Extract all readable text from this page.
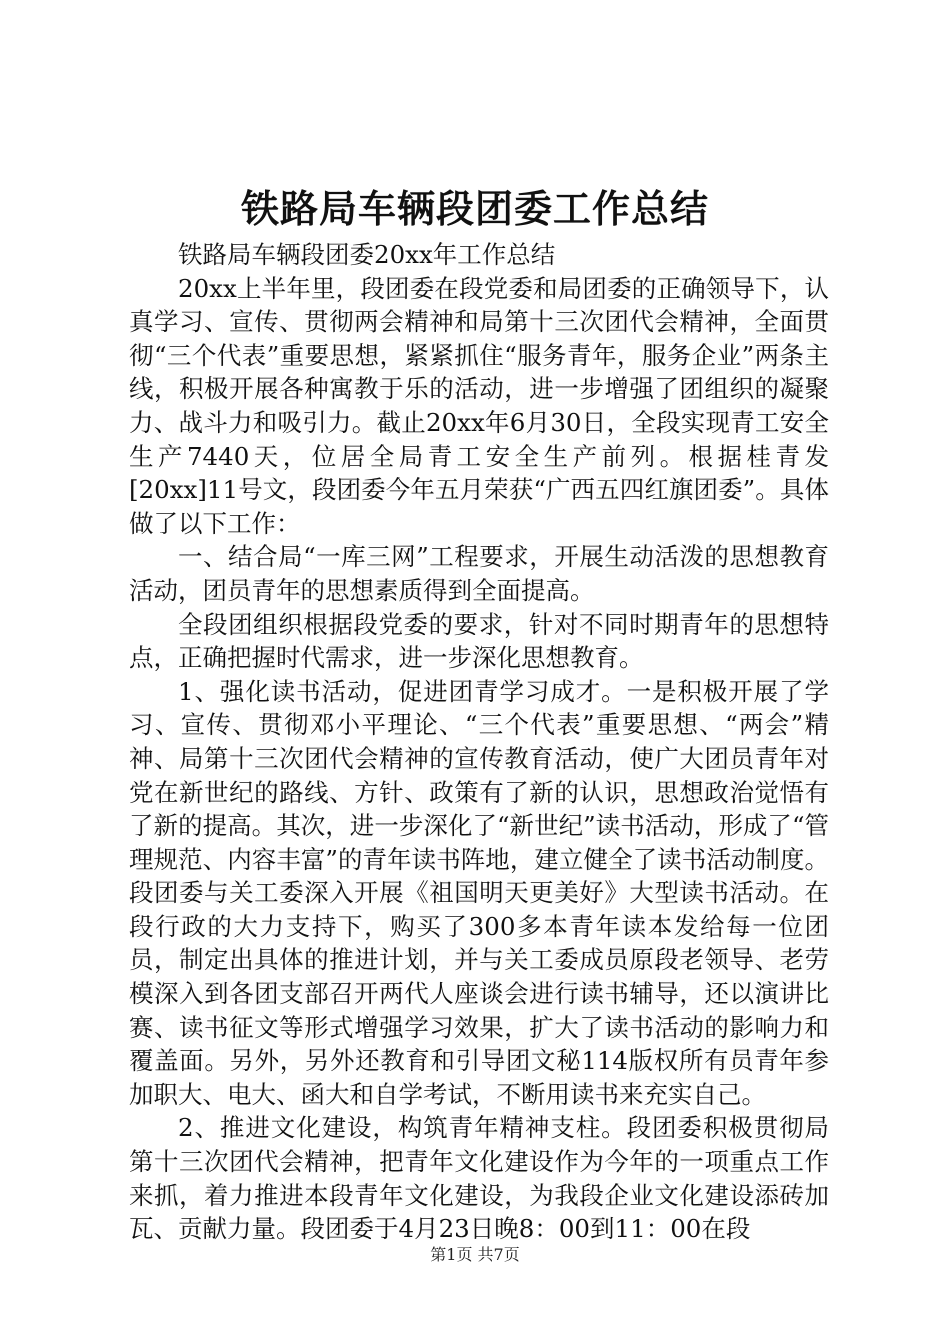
铁路局车辆段团委工作总结

铁路局车辆段团委20xx年工作总结

20xx上半年里，段团委在段党委和局团委的正确领导下，认真学习、宣传、贯彻两会精神和局第十三次团代会精神，全面贯彻“三个代表”重要思想，紧紧抓住“服务青年，服务企业”两条主线，积极开展各种寓教于乐的活动，进一步增强了团组织的凝聚力、战斗力和吸引力。截止20xx年6月30日，全段实现青工安全生产7440天，位居全局青工安全生产前列。根据桂青发[20xx]11号文，段团委今年五月荣获“广西五四红旗团委”。具体做了以下工作：

一、结合局“一库三网”工程要求，开展生动活泼的思想教育活动，团员青年的思想素质得到全面提高。

全段团组织根据段党委的要求，针对不同时期青年的思想特点，正确把握时代需求，进一步深化思想教育。

1、强化读书活动，促进团青学习成才。一是积极开展了学习、宣传、贯彻邓小平理论、“三个代表”重要思想、“两会”精神、局第十三次团代会精神的宣传教育活动，使广大团员青年对党在新世纪的路线、方针、政策有了新的认识，思想政治觉悟有了新的提高。其次，进一步深化了“新世纪”读书活动，形成了“管理规范、内容丰富”的青年读书阵地，建立健全了读书活动制度。段团委与关工委深入开展《祖国明天更美好》大型读书活动。在段行政的大力支持下，购买了300多本青年读本发给每一位团员，制定出具体的推进计划，并与关工委成员原段老领导、老劳模深入到各团支部召开两代人座谈会进行读书辅导，还以演讲比赛、读书征文等形式增强学习效果，扩大了读书活动的影响力和覆盖面。另外，另外还教育和引导团文秘114版权所有员青年参加职大、电大、函大和自学考试，不断用读书来充实自己。

2、推进文化建设，构筑青年精神支柱。段团委积极贯彻局第十三次团代会精神，把青年文化建设作为今年的一项重点工作来抓，着力推进本段青年文化建设，为我段企业文化建设添砖加瓦、贡献力量。段团委于4月23日晚8：00到11：00在段

第1页 共7页
